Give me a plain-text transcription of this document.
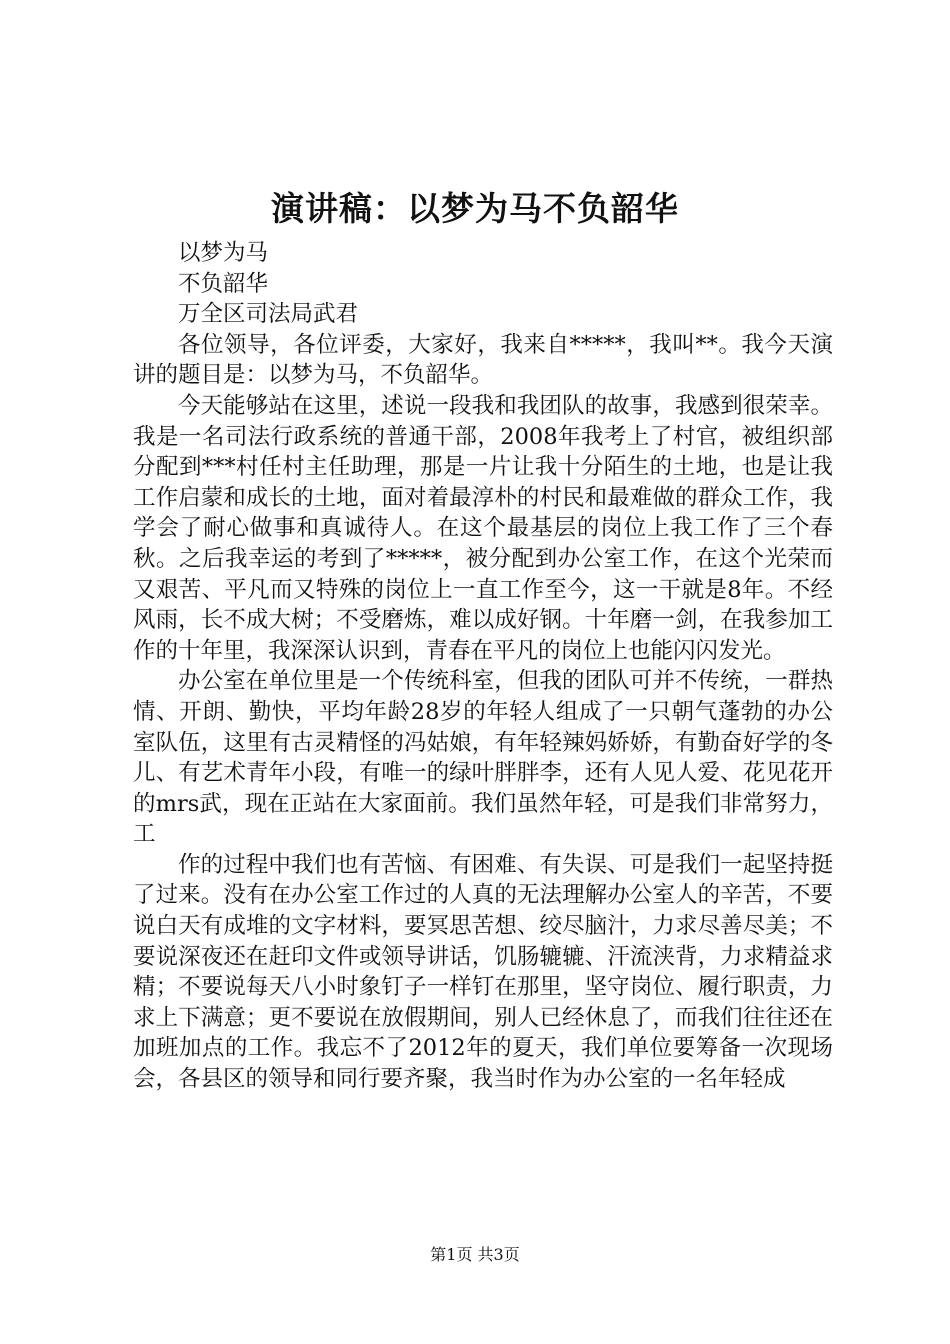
演讲稿：以梦为马不负韶华

以梦为马

不负韶华

万全区司法局武君

各位领导，各位评委，大家好，我来自*****，我叫**。我今天演讲的题目是：以梦为马，不负韶华。

今天能够站在这里，述说一段我和我团队的故事，我感到很荣幸。我是一名司法行政系统的普通干部，2008年我考上了村官，被组织部分配到***村任村主任助理，那是一片让我十分陌生的土地，也是让我工作启蒙和成长的土地，面对着最淳朴的村民和最难做的群众工作，我学会了耐心做事和真诚待人。在这个最基层的岗位上我工作了三个春秋。之后我幸运的考到了*****，被分配到办公室工作，在这个光荣而又艰苦、平凡而又特殊的岗位上一直工作至今，这一干就是8年。不经风雨，长不成大树；不受磨炼，难以成好钢。十年磨一剑，在我参加工作的十年里，我深深认识到，青春在平凡的岗位上也能闪闪发光。

办公室在单位里是一个传统科室，但我的团队可并不传统，一群热情、开朗、勤快，平均年龄28岁的年轻人组成了一只朝气蓬勃的办公室队伍，这里有古灵精怪的冯姑娘，有年轻辣妈娇娇，有勤奋好学的冬儿、有艺术青年小段，有唯一的绿叶胖胖李，还有人见人爱、花见花开的mrs武，现在正站在大家面前。我们虽然年轻，可是我们非常努力，工

作的过程中我们也有苦恼、有困难、有失误、可是我们一起坚持挺了过来。没有在办公室工作过的人真的无法理解办公室人的辛苦，不要说白天有成堆的文字材料，要冥思苦想、绞尽脑汁，力求尽善尽美；不要说深夜还在赶印文件或领导讲话，饥肠辘辘、汗流浃背，力求精益求精；不要说每天八小时象钉子一样钉在那里，坚守岗位、履行职责，力求上下满意；更不要说在放假期间，别人已经休息了，而我们往往还在加班加点的工作。我忘不了2012年的夏天，我们单位要筹备一次现场会，各县区的领导和同行要齐聚，我当时作为办公室的一名年轻成

第1页 共3页
